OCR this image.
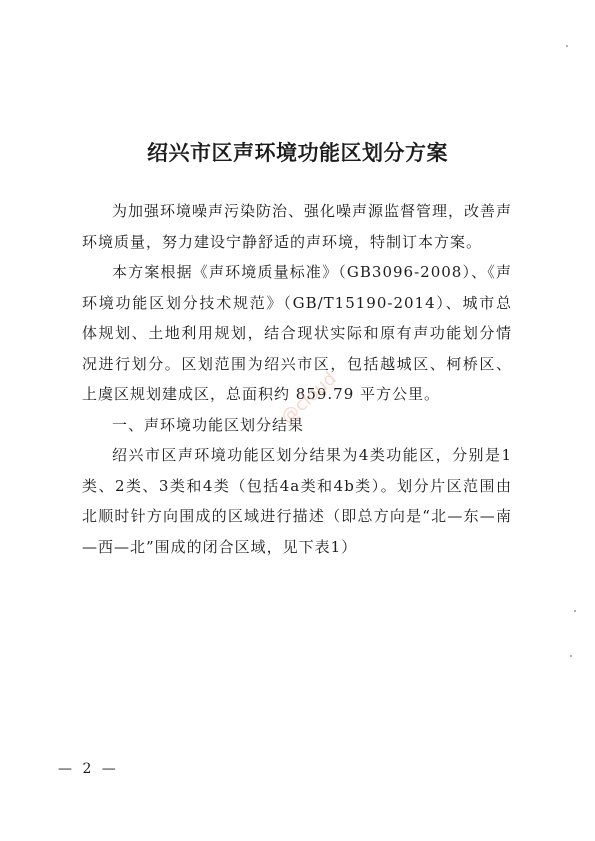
绍兴市区声环境功能区划分方案

为加强环境噪声污染防治、强化噪声源监督管理，改善声环境质量，努力建设宁静舒适的声环境，特制订本方案。

本方案根据《声环境质量标准》（GB3096-2008）、《声环境功能区划分技术规范》（GB/T15190-2014）、城市总体规划、土地利用规划，结合现状实际和原有声功能划分情况进行划分。区划范围为绍兴市区，包括越城区、柯桥区、上虞区规划建成区，总面积约 859.79 平方公里。

一、声环境功能区划分结果

绍兴市区声环境功能区划分结果为4类功能区，分别是1类、2类、3类和4类（包括4a类和4b类）。划分片区范围由北顺时针方向围成的区域进行描述（即总方向是“北—东—南—西—北”围成的闭合区域，见下表1）

@cloud
— 2 —
